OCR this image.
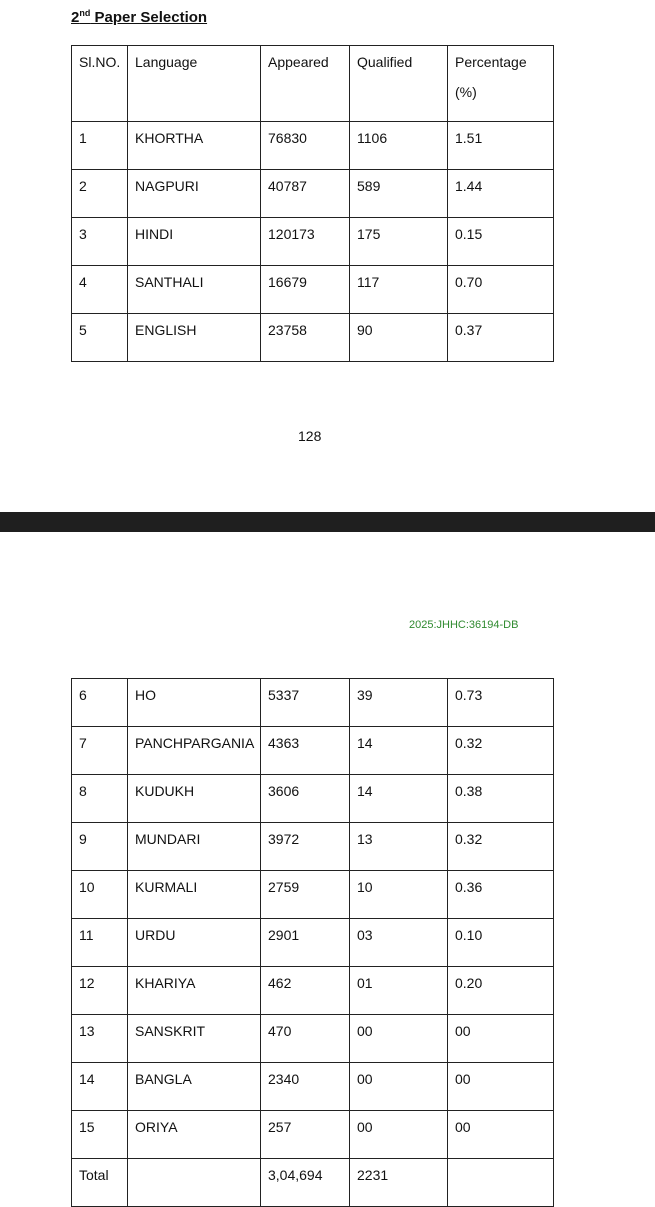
2nd Paper Selection
Sl.NO.	Language	Appeared	Qualified	Percentage
(%)

1	KHORTHA	76830	1106	1.51
2	NAGPURI	40787	589	1.44
3	HINDI	120173	175	0.15
4	SANTHALI	16679	117	0.70
5	ENGLISH	23758	90	0.37
128
2025:JHHC:36194-DB
6	HO	5337	39	0.73
7	PANCHPARGANIA	4363	14	0.32
8	KUDUKH	3606	14	0.38
9	MUNDARI	3972	13	0.32
10	KURMALI	2759	10	0.36
11	URDU	2901	03	0.10
12	KHARIYA	462	01	0.20
13	SANSKRIT	470	00	00
14	BANGLA	2340	00	00
15	ORIYA	257	00	00
Total		3,04,694	2231	
